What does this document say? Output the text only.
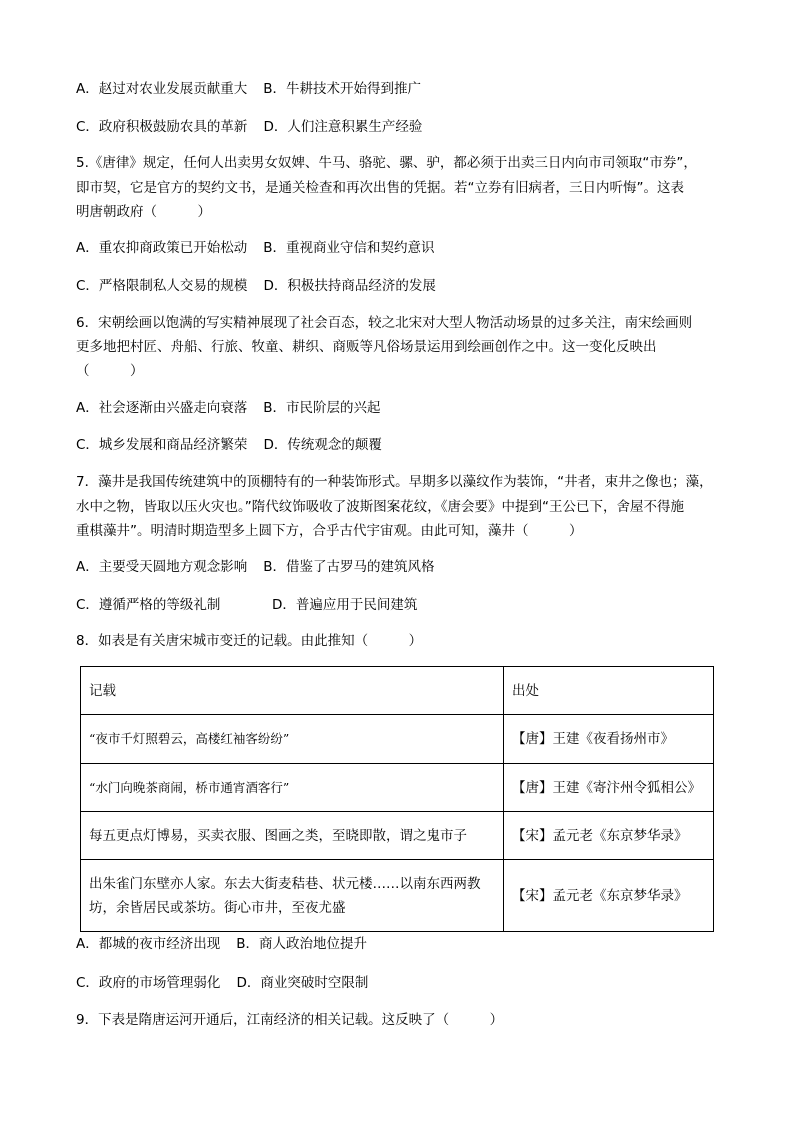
A．赵过对农业发展贡献重大 B．牛耕技术开始得到推广
C．政府积极鼓励农具的革新 D．人们注意积累生产经验
5.《唐律》规定，任何人出卖男女奴婢、牛马、骆驼、骡、驴，都必须于出卖三日内向市司领取“市券”，
即市契，它是官方的契约文书，是通关检查和再次出售的凭据。若“立券有旧病者，三日内听悔”。这表
明唐朝政府（　　　）
A．重农抑商政策已开始松动 B．重视商业守信和契约意识
C．严格限制私人交易的规模 D．积极扶持商品经济的发展
6．宋朝绘画以饱满的写实精神展现了社会百态，较之北宋对大型人物活动场景的过多关注，南宋绘画则
更多地把村匠、舟船、行旅、牧童、耕织、商贩等凡俗场景运用到绘画创作之中。这一变化反映出
（　　　）
A．社会逐渐由兴盛走向衰落 B．市民阶层的兴起
C．城乡发展和商品经济繁荣 D．传统观念的颠覆
7．藻井是我国传统建筑中的顶棚特有的一种装饰形式。早期多以藻纹作为装饰，“井者，束井之像也；藻，
水中之物，皆取以压火灾也。”隋代纹饰吸收了波斯图案花纹，《唐会要》中提到“王公已下，舍屋不得施
重棋藻井”。明清时期造型多上圆下方，合乎古代宇宙观。由此可知，藻井（　　　）
A．主要受天圆地方观念影响 B．借鉴了古罗马的建筑风格
C．遵循严格的等级礼制	D．普遍应用于民间建筑
8．如表是有关唐宋城市变迁的记载。由此推知（　　　）
记载	出处
“夜市千灯照碧云，高楼红袖客纷纷”	【唐】王建《夜看扬州市》
“水门向晚茶商闹，桥市通宵酒客行”	【唐】王建《寄汴州令狐相公》
每五更点灯博易，买卖衣服、图画之类，至晓即散，谓之鬼市子	【宋】孟元老《东京梦华录》
出朱雀门东壁亦人家。东去大街麦秸巷、状元楼……以南东西两教坊，余皆居民或茶坊。街心市井，至夜尤盛	【宋】孟元老《东京梦华录》
A．都城的夜市经济出现 B．商人政治地位提升
C．政府的市场管理弱化 D．商业突破时空限制
9．下表是隋唐运河开通后，江南经济的相关记载。这反映了（　　　）
